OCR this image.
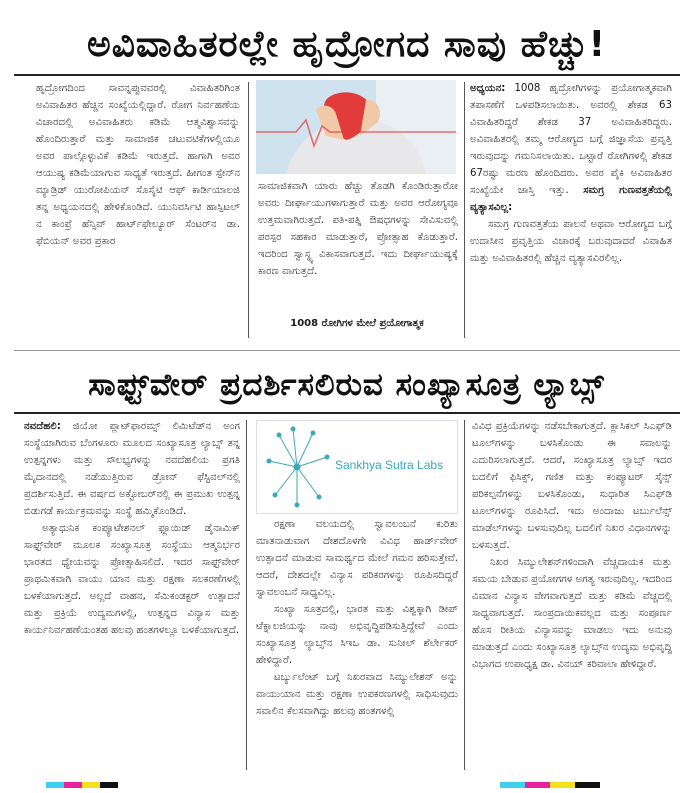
ಅವಿವಾಹಿತರಲ್ಲೇ ಹೃದ್ರೋಗದ ಸಾವು ಹೆಚ್ಚು!

ಹೃದ್ರೋಗದಿಂದ ಸಾವನ್ನಪ್ಪುವವರಲ್ಲಿ ವಿವಾಹಿತರಿಗಿಂತ ಅವಿವಾಹಿತರ ಹೆಚ್ಚಿನ ಸಂಖ್ಯೆಯಲ್ಲಿದ್ದಾರೆ. ರೋಗ ನಿರ್ವಹಣೆಯ ವಿಚಾರದಲ್ಲಿ ಅವಿವಾಹಿತರು ಕಡಿಮೆ ಆತ್ಮವಿಶ್ವಾಸವನ್ನು ಹೊಂದಿರುತ್ತಾರೆ ಮತ್ತು ಸಾಮಾಜಿಕ ಚಟುವಟಿಕೆಗಳಲ್ಲಿಯೂ ಅವರ ಪಾಲ್ಗೊಳ್ಳುವಿಕೆ ಕಡಿಮೆ ಇರುತ್ತದೆ. ಹಾಗಾಗಿ ಅವರ ಆಯುಷ್ಯ ಕಡಿಮೆಯಾಗುವ ಸಾಧ್ಯತೆ ಇರುತ್ತದೆ. ಹೀಗಂತ ಸ್ಪೇನ್‌ನ ಮ್ಯಾಡ್ರಿಡ್ ಯುರೋಪಿಯನ್ ಸೊಸೈಟಿ ಆಫ್ ಕಾರ್ಡಿಯಾಲಜಿ ತನ್ನ ಅಧ್ಯಯನದಲ್ಲಿ ಹೇಳಿಕೊಂಡಿದೆ. ಯುನಿವರ್ಸಿಟಿ ಹಾಸ್ಪಿಟಲ್ ನ ಕಾಂಪ್ರೆ ಹೆನ್ಸಿವ್ ಹಾರ್ಟ್‌ಫೇಲ್ಯೂರ್ ಸೆಂಟರ್‌ನ ಡಾ. ಫೆಬಿಯನ್ ಅವರ ಪ್ರಕಾರ

ಸಾಮಾಜಿಕವಾಗಿ ಯಾರು ಹೆಚ್ಚು ತೊಡಗಿ ಕೊಂಡಿರುತ್ತಾರೋ ಅವರು ದೀರ್ಘಾಯುಗಳಾಗುತ್ತಾರೆ ಮತ್ತು ಅವರ ಆರೋಗ್ಯವೂ ಉತ್ತಮವಾಗಿರುತ್ತದೆ. ಪತಿ-ಪತ್ನಿ ಔಷಧಗಳನ್ನು ಸೇವಿಸುವಲ್ಲಿ ಪರಸ್ಪರ ಸಹಕಾರ ಮಾಡುತ್ತಾರೆ, ಪ್ರೋತ್ಸಾಹ ಕೊಡುತ್ತಾರೆ. ಇದರಿಂದ ಸ್ವಾಸ್ಥ್ಯ ವಿಕಾಸವಾಗುತ್ತದೆ. ಇದು ದೀರ್ಘಾಯುಷ್ಯಕ್ಕೆ ಕಾರಣ ವಾಗುತ್ತದೆ.

1008 ರೋಗಿಗಳ ಮೇಲೆ ಪ್ರಯೋಗಾತ್ಮಕ

ಅಧ್ಯಯನ: 1008 ಹೃದ್ರೋಗಿಗಳನ್ನು ಪ್ರಯೋಗಾತ್ಮಕವಾಗಿ ತಪಾಸಣೆಗೆ ಒಳಪಡಿಸಲಾಯಿತು. ಅವರಲ್ಲಿ ಶೇಕಡ 63 ವಿವಾಹಿತರಿದ್ದರೆ ಶೇಕಡ 37 ಅವಿವಾಹಿತರಿದ್ದರು. ಅವಿವಾಹಿತರಲ್ಲಿ ತಮ್ಮ ಆರೋಗ್ಯದ ಬಗ್ಗೆ ಜಿಜ್ಞಾಸೆಯ ಪ್ರವೃತ್ತಿ ಇರುವುದನ್ನು ಗಮನಿಸಲಾಯಿತು. ಒಟ್ಟಾರೆ ರೋಗಿಗಳಲ್ಲಿ ಶೇಕಡ 67ರಷ್ಟು ಮರಣ ಹೊಂದಿದರು. ಅವರ ಪೈಕಿ ಅವಿವಾಹಿತರ ಸಂಖ್ಯೆಯೇ ಜಾಸ್ತಿ ಇತ್ತು. ಸಮಗ್ರ ಗುಣವತ್ತತೆಯಲ್ಲಿ ವ್ಯತ್ಯಾಸವಿಲ್ಲ:

ಸಮಗ್ರ ಗುಣವತ್ತತೆಯ ಪಾಲನೆ ಅಥವಾ ಆರೋಗ್ಯದ ಬಗ್ಗೆ ಉದಾಸೀನ ಪ್ರವೃತ್ತಿಯ ವಿಚಾರಕ್ಕೆ ಬರುವುದಾದರೆ ವಿವಾಹಿತ ಮತ್ತು ಅವಿವಾಹಿತರಲ್ಲಿ ಹೆಚ್ಚಿನ ವ್ಯತ್ಯಾಸವಿರಲಿಲ್ಲ.

ಸಾಫ್ಟ್‌ವೇರ್ ಪ್ರದರ್ಶಿಸಲಿರುವ ಸಂಖ್ಯಾಸೂತ್ರ ಲ್ಯಾಬ್ಸ್

ನವದೆಹಲಿ: ಜಿಯೋ ಪ್ಲಾಟ್‌ಫಾರಮ್ಸ್ ಲಿಮಿಟೆಡ್‌ನ ಅಂಗ ಸಂಸ್ಥೆಯಾಗಿರುವ ಬೆಂಗಳೂರು ಮೂಲದ ಸಂಖ್ಯಾಸೂತ್ರ ಲ್ಯಾಬ್ಸ್ ತನ್ನ ಉತ್ಪನ್ನಗಳು ಮತ್ತು ಸೌಲಭ್ಯಗಳನ್ನು ನವದೆಹಲಿಯ ಪ್ರಗತಿ ಮೈದಾನದಲ್ಲಿ ನಡೆಯುತ್ತಿರುವ ಡ್ರೋನ್ ಫೆಸ್ಟಿವಲ್‌ನಲ್ಲಿ ಪ್ರದರ್ಶಿಸುತ್ತಿದೆ. ಈ ವರ್ಷದ ಅಕ್ಟೋಬರ್‌ನಲ್ಲಿ ಈ ಪ್ರಮುಖ ಉತ್ಪನ್ನ ಬಿಡುಗಡೆ ಕಾರ್ಯಕ್ರಮವನ್ನು ಸಂಸ್ಥೆ ಹಮ್ಮಿಕೊಂಡಿದೆ.

ಅತ್ಯಾಧುನಿಕ ಕಂಪ್ಯೂಟೇಶನಲ್ ಫ್ಲೂಯಿಡ್ ಡೈನಾಮಿಕ್ ಸಾಫ್ಟ್‌ವೇರ್ ಮೂಲಕ ಸಂಖ್ಯಾಸೂತ್ರ ಸಂಸ್ಥೆಯು ಆತ್ಮನಿರ್ಭರ ಭಾರತದ ಧ್ಯೇಯವನ್ನು ಪ್ರೋತ್ಸಾಹಿಸಲಿದೆ. ಇದರ ಸಾಫ್ಟ್‌ವೇರ್ ಪ್ರಾಥಮಿಕವಾಗಿ ವಾಯು ಯಾನ ಮತ್ತು ರಕ್ಷಣಾ ಸಲಕರಣೆಗಳಲ್ಲಿ ಬಳಕೆಯಾಗುತ್ತದೆ. ಅಲ್ಲದೆ ವಾಹನ, ಸೆಮಿಕಂಡಕ್ಟರ್ ಉತ್ಪಾದನೆ ಮತ್ತು ಪ್ರಕ್ರಿಯೆ ಉದ್ಯಮಗಳಲ್ಲಿ, ಉತ್ಪನ್ನದ ವಿನ್ಯಾಸ ಮತ್ತು ಕಾರ್ಯನಿರ್ವಹಣೆಯಂತಹ ಹಲವು ಹಂತಗಳಲ್ಲೂ ಬಳಕೆಯಾಗುತ್ತದೆ.

Sankhya Sutra Labs

ರಕ್ಷಣಾ ವಲಯದಲ್ಲಿ ಸ್ವಾವಲಂಬನೆ ಕುರಿತು ಮಾತನಾಡುವಾಗ ದೇಶದೊಳಗೇ ವಿವಿಧ ಹಾರ್ಡ್‌ವೇರ್ ಉತ್ಪಾದನೆ ಮಾಡುವ ಸಾಮರ್ಥ್ಯದ ಮೇಲೆ ಗಮನ ಹರಿಸುತ್ತೇವೆ. ಆದರೆ, ದೇಶದಲ್ಲೇ ವಿನ್ಯಾಸ ಪರಿಕರಗಳನ್ನು ರೂಪಿಸದಿದ್ದರೆ ಸ್ವಾವಲಂಬನೆ ಸಾಧ್ಯವಿಲ್ಲ.

ಸಂಖ್ಯಾ ಸೂತ್ರದಲ್ಲಿ, ಭಾರತ ಮತ್ತು ವಿಶ್ವಕ್ಕಾಗಿ ಡೀಪ್ ಟೆಕ್ನಾಲಜಿಯನ್ನು ನಾವು ಅಭಿವೃದ್ಧಿಪಡಿಸುತ್ತಿದ್ದೇವೆ ಎಂದು ಸಂಖ್ಯಾಸೂತ್ರ ಲ್ಯಾಬ್ಸ್‌ನ ಸಿಇಒ ಡಾ. ಸುನೀಲ್ ಶೆರ್ಲೇಕರ್ ಹೇಳಿದ್ದಾರೆ.

ಟರ್ಬ್ಯುಲೆಂಟ್ ಬಗ್ಗೆ ನಿಖರವಾದ ಸಿಮ್ಯುಲೇಶನ್ ಅನ್ನು ವಾಯುಯಾನ ಮತ್ತು ರಕ್ಷಣಾ ಉಪಕರಣಗಳಲ್ಲಿ ಸಾಧಿಸುವುದು ಸವಾಲಿನ ಕೆಲಸವಾಗಿದ್ದು ಹಲವು ಹಂತಗಳಲ್ಲಿ

ವಿವಿಧ ಪ್ರಕ್ರಿಯೆಗಳನ್ನು ನಡೆಸಬೇಕಾಗುತ್ತದೆ. ಕ್ಲಾಸಿಕಲ್ ಸಿಎಫ್‌ಡಿ ಟೂಲ್‌ಗಳನ್ನು ಬಳಸಿಕೊಂಡು ಈ ಸವಾಲನ್ನು ಎದುರಿಸಲಾಗುತ್ತದೆ. ಆದರೆ, ಸಂಖ್ಯಾಸೂತ್ರ ಲ್ಯಾಬ್ಸ್ ಇದರ ಬದಲಿಗೆ ಫಿಸಿಕ್ಸ್, ಗಣಿತ ಮತ್ತು ಕಂಪ್ಯೂಟರ್ ಸೈನ್ಸ್ ಪರಿಕಲ್ಪನೆಗಳನ್ನು ಬಳಸಿಕೊಂಡು, ಸುಧಾರಿತ ಸಿಎಫ್‌ಡಿ ಟೂಲ್‌ಗಳನ್ನು ರೂಪಿಸಿದೆ. ಇದು ಅಂದಾಜು ಟರ್ಬುಲೆನ್ಸ್ ಮಾಡೆಲ್‌ಗಳನ್ನು ಬಳಸುವುದಿಲ್ಲ ಬದಲಿಗೆ ನಿಖರ ವಿಧಾನಗಳನ್ನು ಬಳಸುತ್ತದೆ.

ನಿಖರ ಸಿಮ್ಯುಲೇಶನ್‌ಗಳಿಂದಾಗಿ ವೆಚ್ಚದಾಯಕ ಮತ್ತು ಸಮಯ ಬೇಡುವ ಪ್ರಯೋಗಗಳ ಅಗತ್ಯ ಇರುವುದಿಲ್ಲ. ಇದರಿಂದ ವಿಮಾನ ವಿನ್ಯಾಸ ವೇಗವಾಗುತ್ತದೆ ಮತ್ತು ಕಡಿಮೆ ವೆಚ್ಚದಲ್ಲಿ ಸಾಧ್ಯವಾಗುತ್ತದೆ. ಸಾಂಪ್ರದಾಯಿಕವಲ್ಲದ ಮತ್ತು ಸಂಪೂರ್ಣ ಹೊಸ ರೀತಿಯ ವಿನ್ಯಾಸವನ್ನು ಮಾಡಲು ಇದು ಅನುವು ಮಾಡುತ್ತದೆ ಎಂದು ಸಂಖ್ಯಾಸೂತ್ರ ಲ್ಯಾಬ್ಸ್‌ನ ಉದ್ಯಮ ಅಭಿವೃದ್ಧಿ ವಿಭಾಗದ ಉಪಾಧ್ಯಕ್ಷ ಡಾ. ವಿನಯ್ ಕರಿವಾಲಾ ಹೇಳಿದ್ದಾರೆ.
